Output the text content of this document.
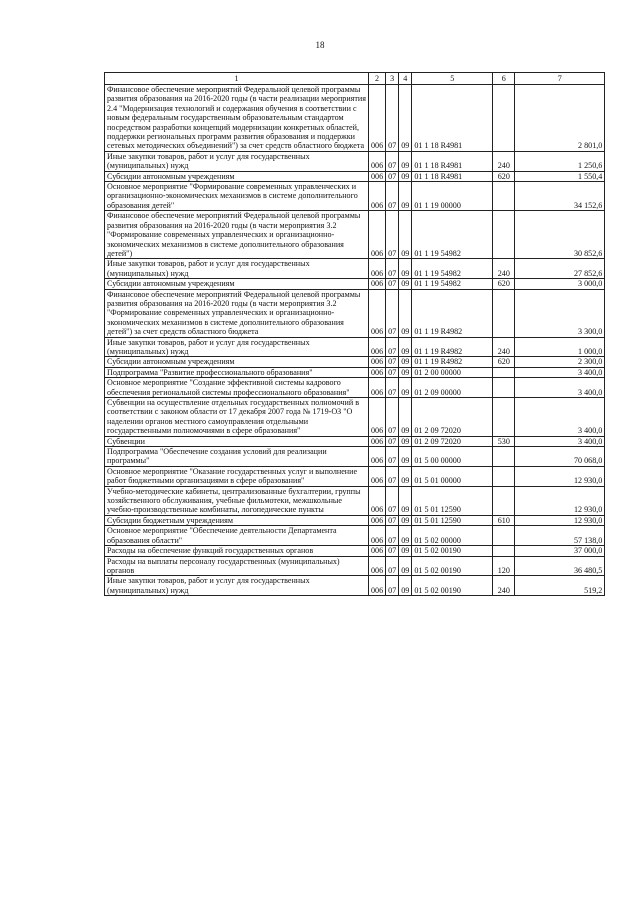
18
1	2	3	4	5	6	7
Финансовое обеспечение мероприятий Федеральной целевой программы развития образования на 2016-2020 годы (в части реализации мероприятия 2.4 "Модернизация технологий и содержания обучения в соответствии с новым федеральным государственным образовательным стандартом посредством разработки концепций модернизации конкретных областей, поддержки региональных программ развития образования и поддержки сетевых методических объединений") за счет средств областного бюджета	006	07	09	01 1 18 R4981		2 801,0
Иные закупки товаров, работ и услуг для государственных (муниципальных) нужд	006	07	09	01 1 18 R4981	240	1 250,6
Субсидии автономным учреждениям	006	07	09	01 1 18 R4981	620	1 550,4
Основное мероприятие "Формирование современных управленческих и организационно-экономических механизмов в системе дополнительного образования детей"	006	07	09	01 1 19 00000		34 152,6
Финансовое обеспечение мероприятий Федеральной целевой программы развития образования на 2016-2020 годы (в части мероприятия 3.2 "Формирование современных управленческих и организационно-экономических механизмов в системе дополнительного образования детей")	006	07	09	01 1 19 54982		30 852,6
Иные закупки товаров, работ и услуг для государственных (муниципальных) нужд	006	07	09	01 1 19 54982	240	27 852,6
Субсидии автономным учреждениям	006	07	09	01 1 19 54982	620	3 000,0
Финансовое обеспечение мероприятий Федеральной целевой программы развития образования на 2016-2020 годы (в части мероприятия 3.2 "Формирование современных управленческих и организационно-экономических механизмов в системе дополнительного образования детей") за счет средств областного бюджета	006	07	09	01 1 19 R4982		3 300,0
Иные закупки товаров, работ и услуг для государственных (муниципальных) нужд	006	07	09	01 1 19 R4982	240	1 000,0
Субсидии автономным учреждениям	006	07	09	01 1 19 R4982	620	2 300,0
Подпрограмма "Развитие профессионального образования"	006	07	09	01 2 00 00000		3 400,0
Основное мероприятие "Создание эффективной системы кадрового обеспечения региональной системы профессионального образования"	006	07	09	01 2 09 00000		3 400,0
Субвенции на осуществление отдельных государственных полномочий в соответствии с законом области от 17 декабря 2007 года № 1719-ОЗ "О наделении органов местного самоуправления отдельными государственными полномочиями в сфере образования"	006	07	09	01 2 09 72020		3 400,0
Субвенции	006	07	09	01 2 09 72020	530	3 400,0
Подпрограмма "Обеспечение создания условий для реализации программы"	006	07	09	01 5 00 00000		70 068,0
Основное мероприятие "Оказание государственных услуг и выполнение работ бюджетными организациями в сфере образования"	006	07	09	01 5 01 00000		12 930,0
Учебно-методические кабинеты, централизованные бухгалтерии, группы хозяйственного обслуживания, учебные фильмотеки, межшкольные учебно-производственные комбинаты, логопедические пункты	006	07	09	01 5 01 12590		12 930,0
Субсидии бюджетным учреждениям	006	07	09	01 5 01 12590	610	12 930,0
Основное мероприятие "Обеспечение деятельности Департамента образования области"	006	07	09	01 5 02 00000		57 138,0
Расходы на обеспечение функций государственных органов	006	07	09	01 5 02 00190		37 000,0
Расходы на выплаты персоналу государственных (муниципальных) органов	006	07	09	01 5 02 00190	120	36 480,5
Иные закупки товаров, работ и услуг для государственных (муниципальных) нужд	006	07	09	01 5 02 00190	240	519,2
